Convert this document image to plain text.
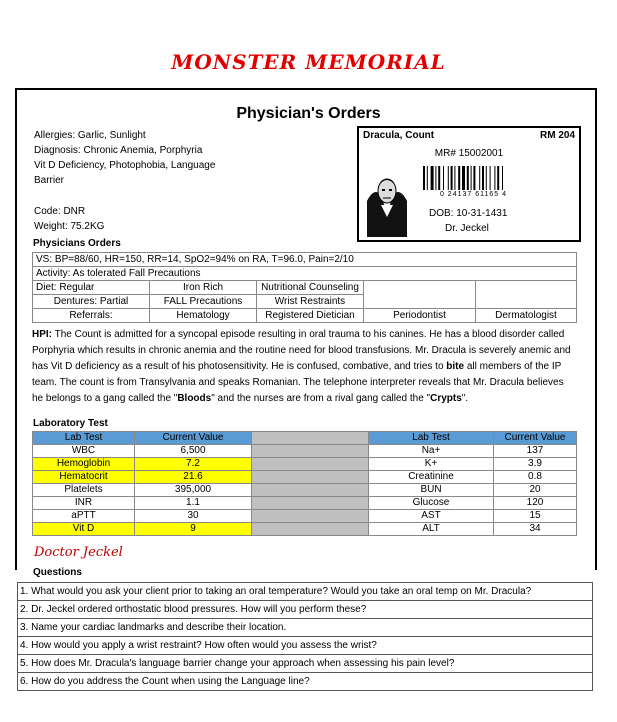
MONSTER MEMORIAL
Physician's Orders
Allergies: Garlic, Sunlight
Diagnosis: Chronic Anemia, Porphyria
Vit D Deficiency, Photophobia, Language
Barrier
Code: DNR
Weight: 75.2KG
Dracula, Count	RM 204
MR# 15002001
0 24137 61165 4
DOB: 10-31-1431
Dr. Jeckel
Physicians Orders
VS: BP=88/60, HR=150, RR=14, SpO2=94% on RA, T=96.0, Pain=2/10				
Activity: As tolerated Fall Precautions				
Diet: Regular	Iron Rich	Nutritional Counseling		
Dentures: Partial	FALL Precautions	Wrist Restraints		
Referrals:	Hematology	Registered Dietician	Periodontist	Dermatologist
HPI: The Count is admitted for a syncopal episode resulting in oral trauma to his canines. He has a blood disorder called Porphyria which results in chronic anemia and the routine need for blood transfusions. Mr. Dracula is severely anemic and has Vit D deficiency as a result of his photosensitivity. He is confused, combative, and tries to bite all members of the IP team. The count is from Transylvania and speaks Romanian. The telephone interpreter reveals that Mr. Dracula believes he belongs to a gang called the "Bloods" and the nurses are from a rival gang called the "Crypts".
Laboratory Test
Lab Test	Current Value		Lab Test	Current Value
WBC	6,500		Na+	137
Hemoglobin	7.2		K+	3.9
Hematocrit	21.6		Creatinine	0.8
Platelets	395,000		BUN	20
INR	1.1		Glucose	120
aPTT	30		AST	15
Vit D	9		ALT	34
Doctor Jeckel
Questions
1. What would you ask your client prior to taking an oral temperature? Would you take an oral temp on Mr. Dracula?
2. Dr. Jeckel ordered orthostatic blood pressures. How will you perform these?
3. Name your cardiac landmarks and describe their location.
4. How would you apply a wrist restraint? How often would you assess the wrist?
5. How does Mr. Dracula's language barrier change your approach when assessing his pain level?
6. How do you address the Count when using the Language line?
